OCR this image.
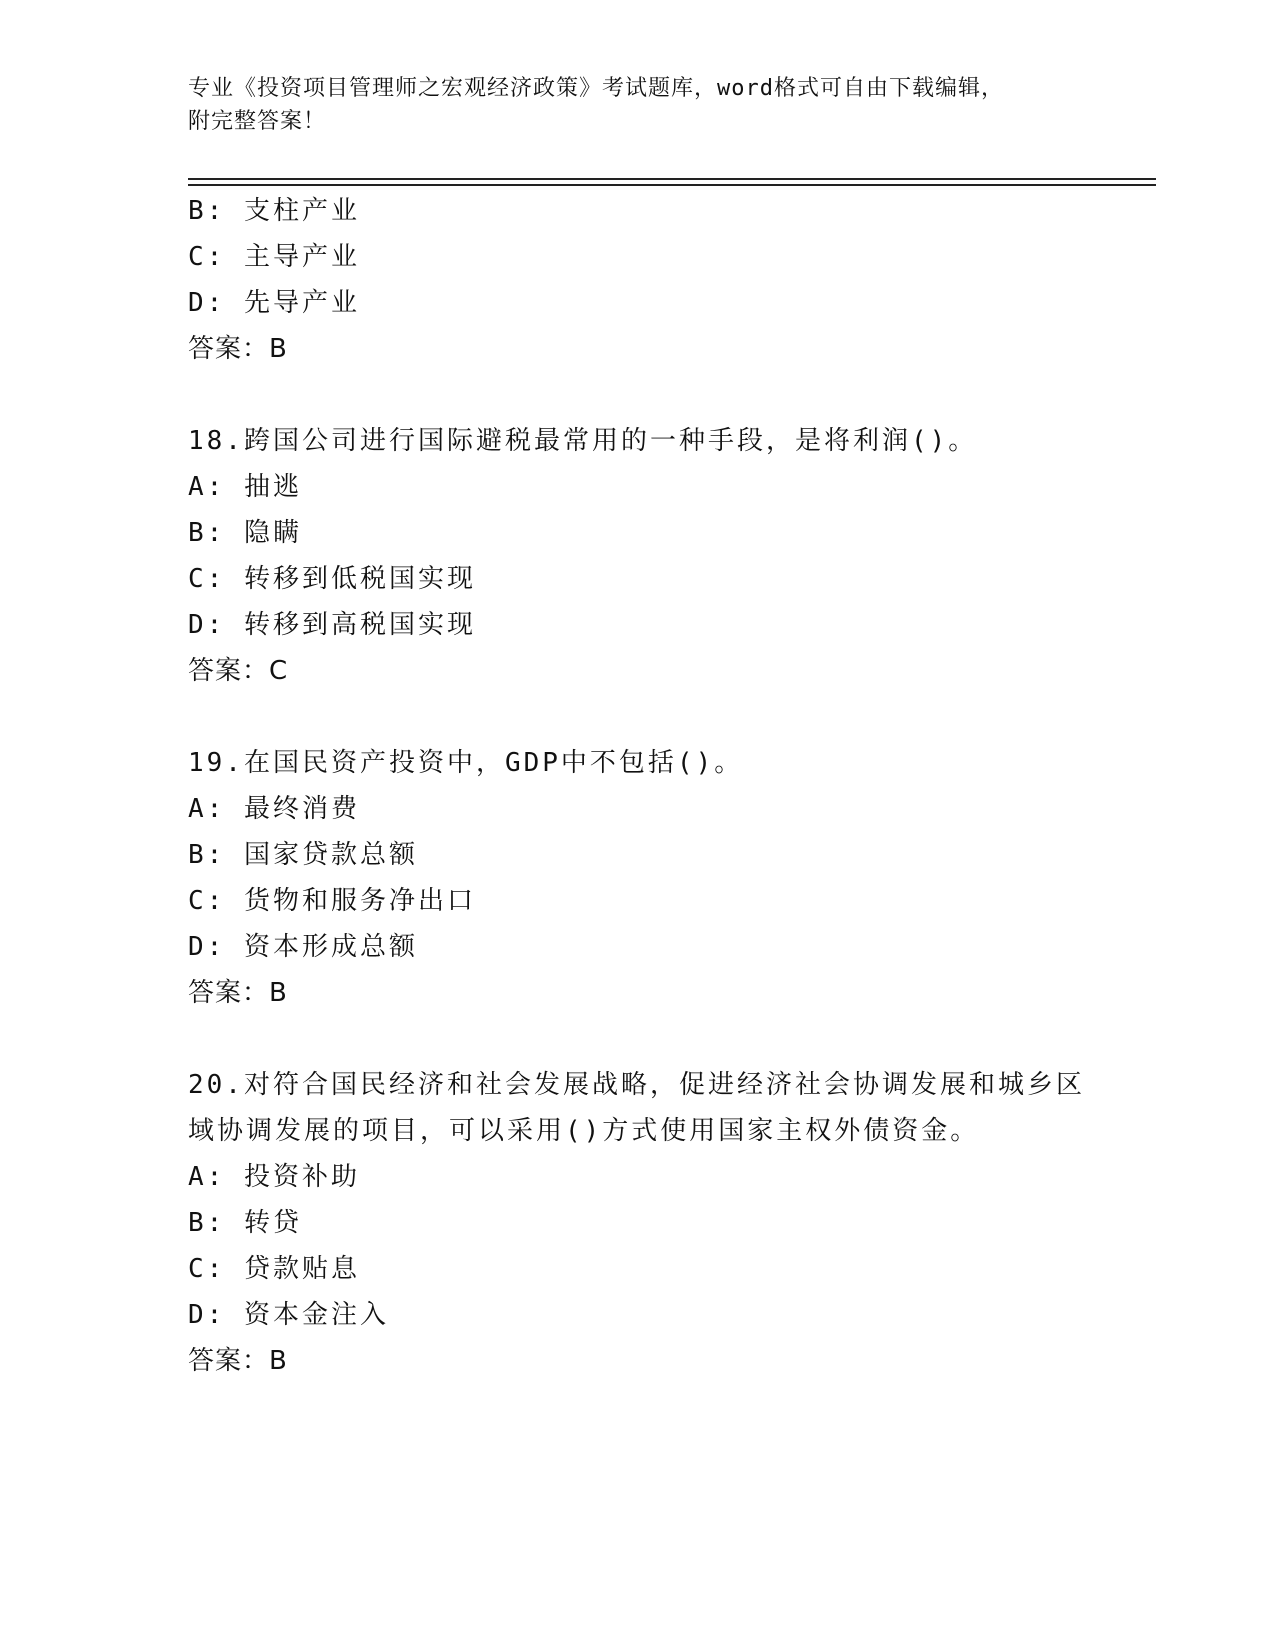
专业《投资项目管理师之宏观经济政策》考试题库，word格式可自由下载编辑，
附完整答案！
B: 支柱产业
C: 主导产业
D: 先导产业
答案：B
18.跨国公司进行国际避税最常用的一种手段，是将利润()。
A: 抽逃
B: 隐瞒
C: 转移到低税国实现
D: 转移到高税国实现
答案：C
19.在国民资产投资中，GDP中不包括()。
A: 最终消费
B: 国家贷款总额
C: 货物和服务净出口
D: 资本形成总额
答案：B
20.对符合国民经济和社会发展战略，促进经济社会协调发展和城乡区
域协调发展的项目，可以采用()方式使用国家主权外债资金。
A: 投资补助
B: 转贷
C: 贷款贴息
D: 资本金注入
答案：B
